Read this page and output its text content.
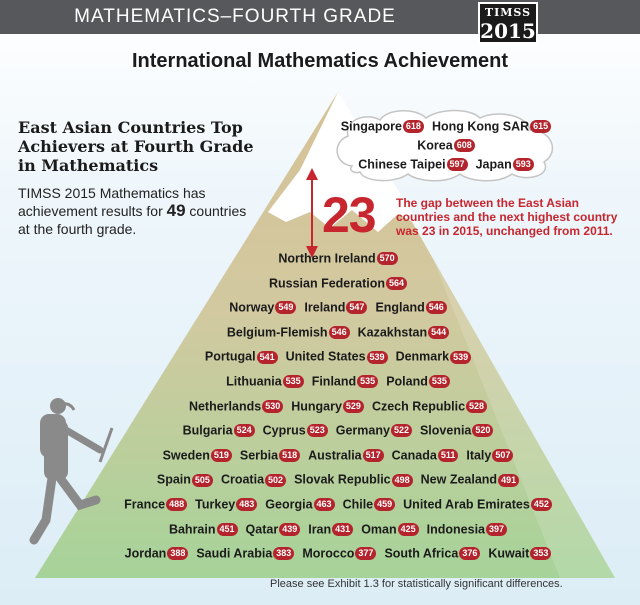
MATHEMATICS–FOURTH GRADE	TIMSS
2015
International Mathematics Achievement
East Asian Countries Top Achievers at Fourth Grade in Mathematics
TIMSS 2015 Mathematics has achievement results for 49 countries at the fourth grade.	23 The gap between the East Asian countries and the next highest country was 23 in 2015, unchanged from 2011.
Singapore 618 Hong Kong SAR 615
Korea 608
Chinese Taipei 597 Japan 593
Northern Ireland 570
Russian Federation 564
Norway 549 Ireland 547 England 546
Belgium-Flemish 546 Kazakhstan 544
Portugal 541 United States 539 Denmark 539
Lithuania 535 Finland 535 Poland 535
Netherlands 530 Hungary 529 Czech Republic 528
Bulgaria 524 Cyprus 523 Germany 522 Slovenia 520
Sweden 519 Serbia 518 Australia 517 Canada 511 Italy 507
Spain 505 Croatia 502 Slovak Republic 498 New Zealand 491
France 488 Turkey 483 Georgia 463 Chile 459 United Arab Emirates 452
Bahrain 451 Qatar 439 Iran 431 Oman 425 Indonesia 397
Jordan 388 Saudi Arabia 383 Morocco 377 South Africa 376 Kuwait 353
Please see Exhibit 1.3 for statistically significant differences.
